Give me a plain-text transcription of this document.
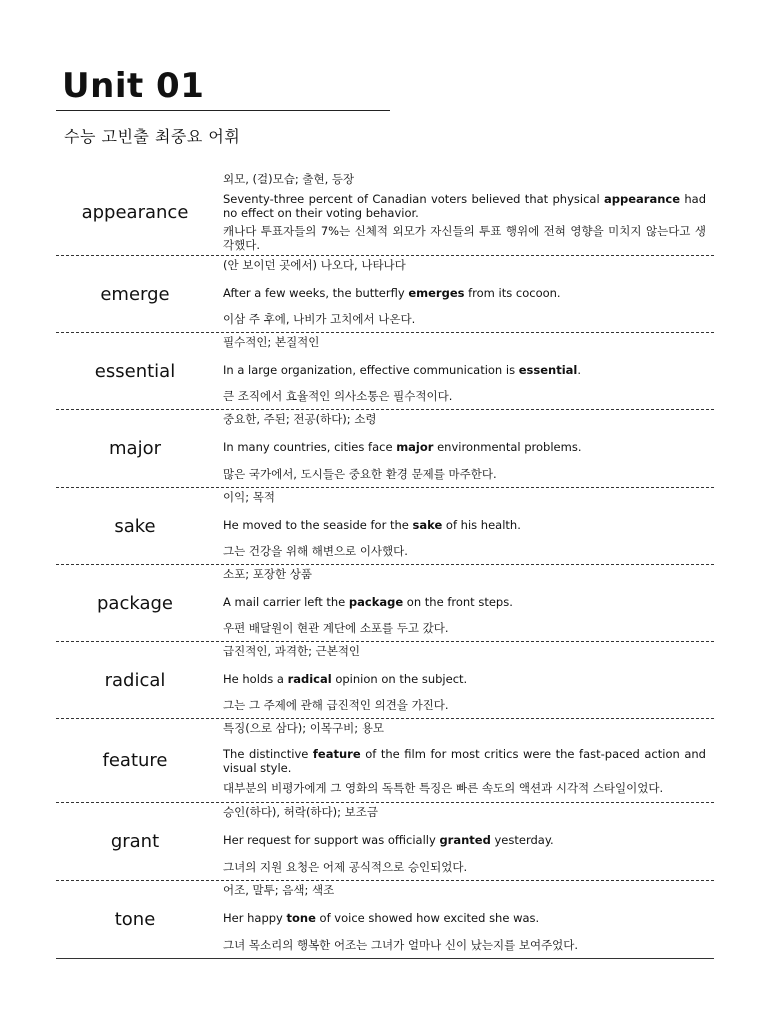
Unit 01
수능 고빈출 최중요 어휘
appearance
외모, (걸)모습; 출현, 등장
Seventy-three percent of Canadian voters believed that physical appearance had no effect on their voting behavior.
캐나다 투표자들의 7%는 신체적 외모가 자신들의 투표 행위에 전혀 영향을 미치지 않는다고 생각했다.
emerge
(안 보이던 곳에서) 나오다, 나타나다
After a few weeks, the butterfly emerges from its cocoon.
이삼 주 후에, 나비가 고치에서 나온다.
essential
필수적인; 본질적인
In a large organization, effective communication is essential.
큰 조직에서 효율적인 의사소통은 필수적이다.
major
중요한, 주된; 전공(하다); 소령
In many countries, cities face major environmental problems.
많은 국가에서, 도시들은 중요한 환경 문제를 마주한다.
sake
이익; 목적
He moved to the seaside for the sake of his health.
그는 건강을 위해 해변으로 이사했다.
package
소포; 포장한 상품
A mail carrier left the package on the front steps.
우편 배달원이 현관 계단에 소포를 두고 갔다.
radical
급진적인, 과격한; 근본적인
He holds a radical opinion on the subject.
그는 그 주제에 관해 급진적인 의견을 가진다.
feature
특징(으로 삼다); 이목구비; 용모
The distinctive feature of the film for most critics were the fast-paced action and visual style.
대부분의 비평가에게 그 영화의 독특한 특징은 빠른 속도의 액션과 시각적 스타일이었다.
grant
승인(하다), 허락(하다); 보조금
Her request for support was officially granted yesterday.
그녀의 지원 요청은 어제 공식적으로 승인되었다.
tone
어조, 말투; 음색; 색조
Her happy tone of voice showed how excited she was.
그녀 목소리의 행복한 어조는 그녀가 얼마나 신이 났는지를 보여주었다.
